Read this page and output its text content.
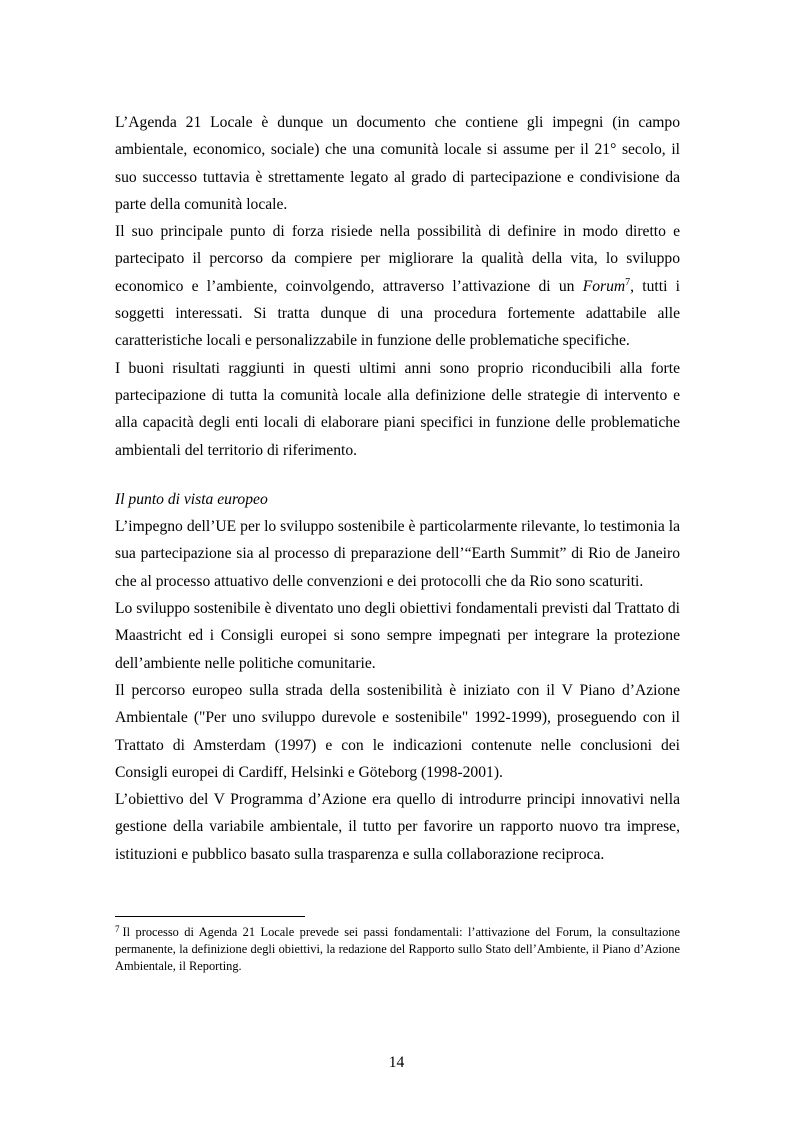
L’Agenda 21 Locale è dunque un documento che contiene gli impegni (in campo ambientale, economico, sociale) che una comunità locale si assume per il 21° secolo, il suo successo tuttavia è strettamente legato al grado di partecipazione e condivisione da parte della comunità locale.

Il suo principale punto di forza risiede nella possibilità di definire in modo diretto e partecipato il percorso da compiere per migliorare la qualità della vita, lo sviluppo economico e l’ambiente, coinvolgendo, attraverso l’attivazione di un Forum$^7$, tutti i soggetti interessati. Si tratta dunque di una procedura fortemente adattabile alle caratteristiche locali e personalizzabile in funzione delle problematiche specifiche.

I buoni risultati raggiunti in questi ultimi anni sono proprio riconducibili alla forte partecipazione di tutta la comunità locale alla definizione delle strategie di intervento e alla capacità degli enti locali di elaborare piani specifici in funzione delle problematiche ambientali del territorio di riferimento.

Il punto di vista europeo

L’impegno dell’UE per lo sviluppo sostenibile è particolarmente rilevante, lo testimonia la sua partecipazione sia al processo di preparazione dell’“Earth Summit” di Rio de Janeiro che al processo attuativo delle convenzioni e dei protocolli che da Rio sono scaturiti.

Lo sviluppo sostenibile è diventato uno degli obiettivi fondamentali previsti dal Trattato di Maastricht ed i Consigli europei si sono sempre impegnati per integrare la protezione dell’ambiente nelle politiche comunitarie.

Il percorso europeo sulla strada della sostenibilità è iniziato con il V Piano d’Azione Ambientale ("Per uno sviluppo durevole e sostenibile" 1992-1999), proseguendo con il Trattato di Amsterdam (1997) e con le indicazioni contenute nelle conclusioni dei Consigli europei di Cardiff, Helsinki e Göteborg (1998-2001).

L’obiettivo del V Programma d’Azione era quello di introdurre principi innovativi nella gestione della variabile ambientale, il tutto per favorire un rapporto nuovo tra imprese, istituzioni e pubblico basato sulla trasparenza e sulla collaborazione reciproca.

$^7$ Il processo di Agenda 21 Locale prevede sei passi fondamentali: l’attivazione del Forum, la consultazione permanente, la definizione degli obiettivi, la redazione del Rapporto sullo Stato dell’Ambiente, il Piano d’Azione Ambientale, il Reporting.

14
